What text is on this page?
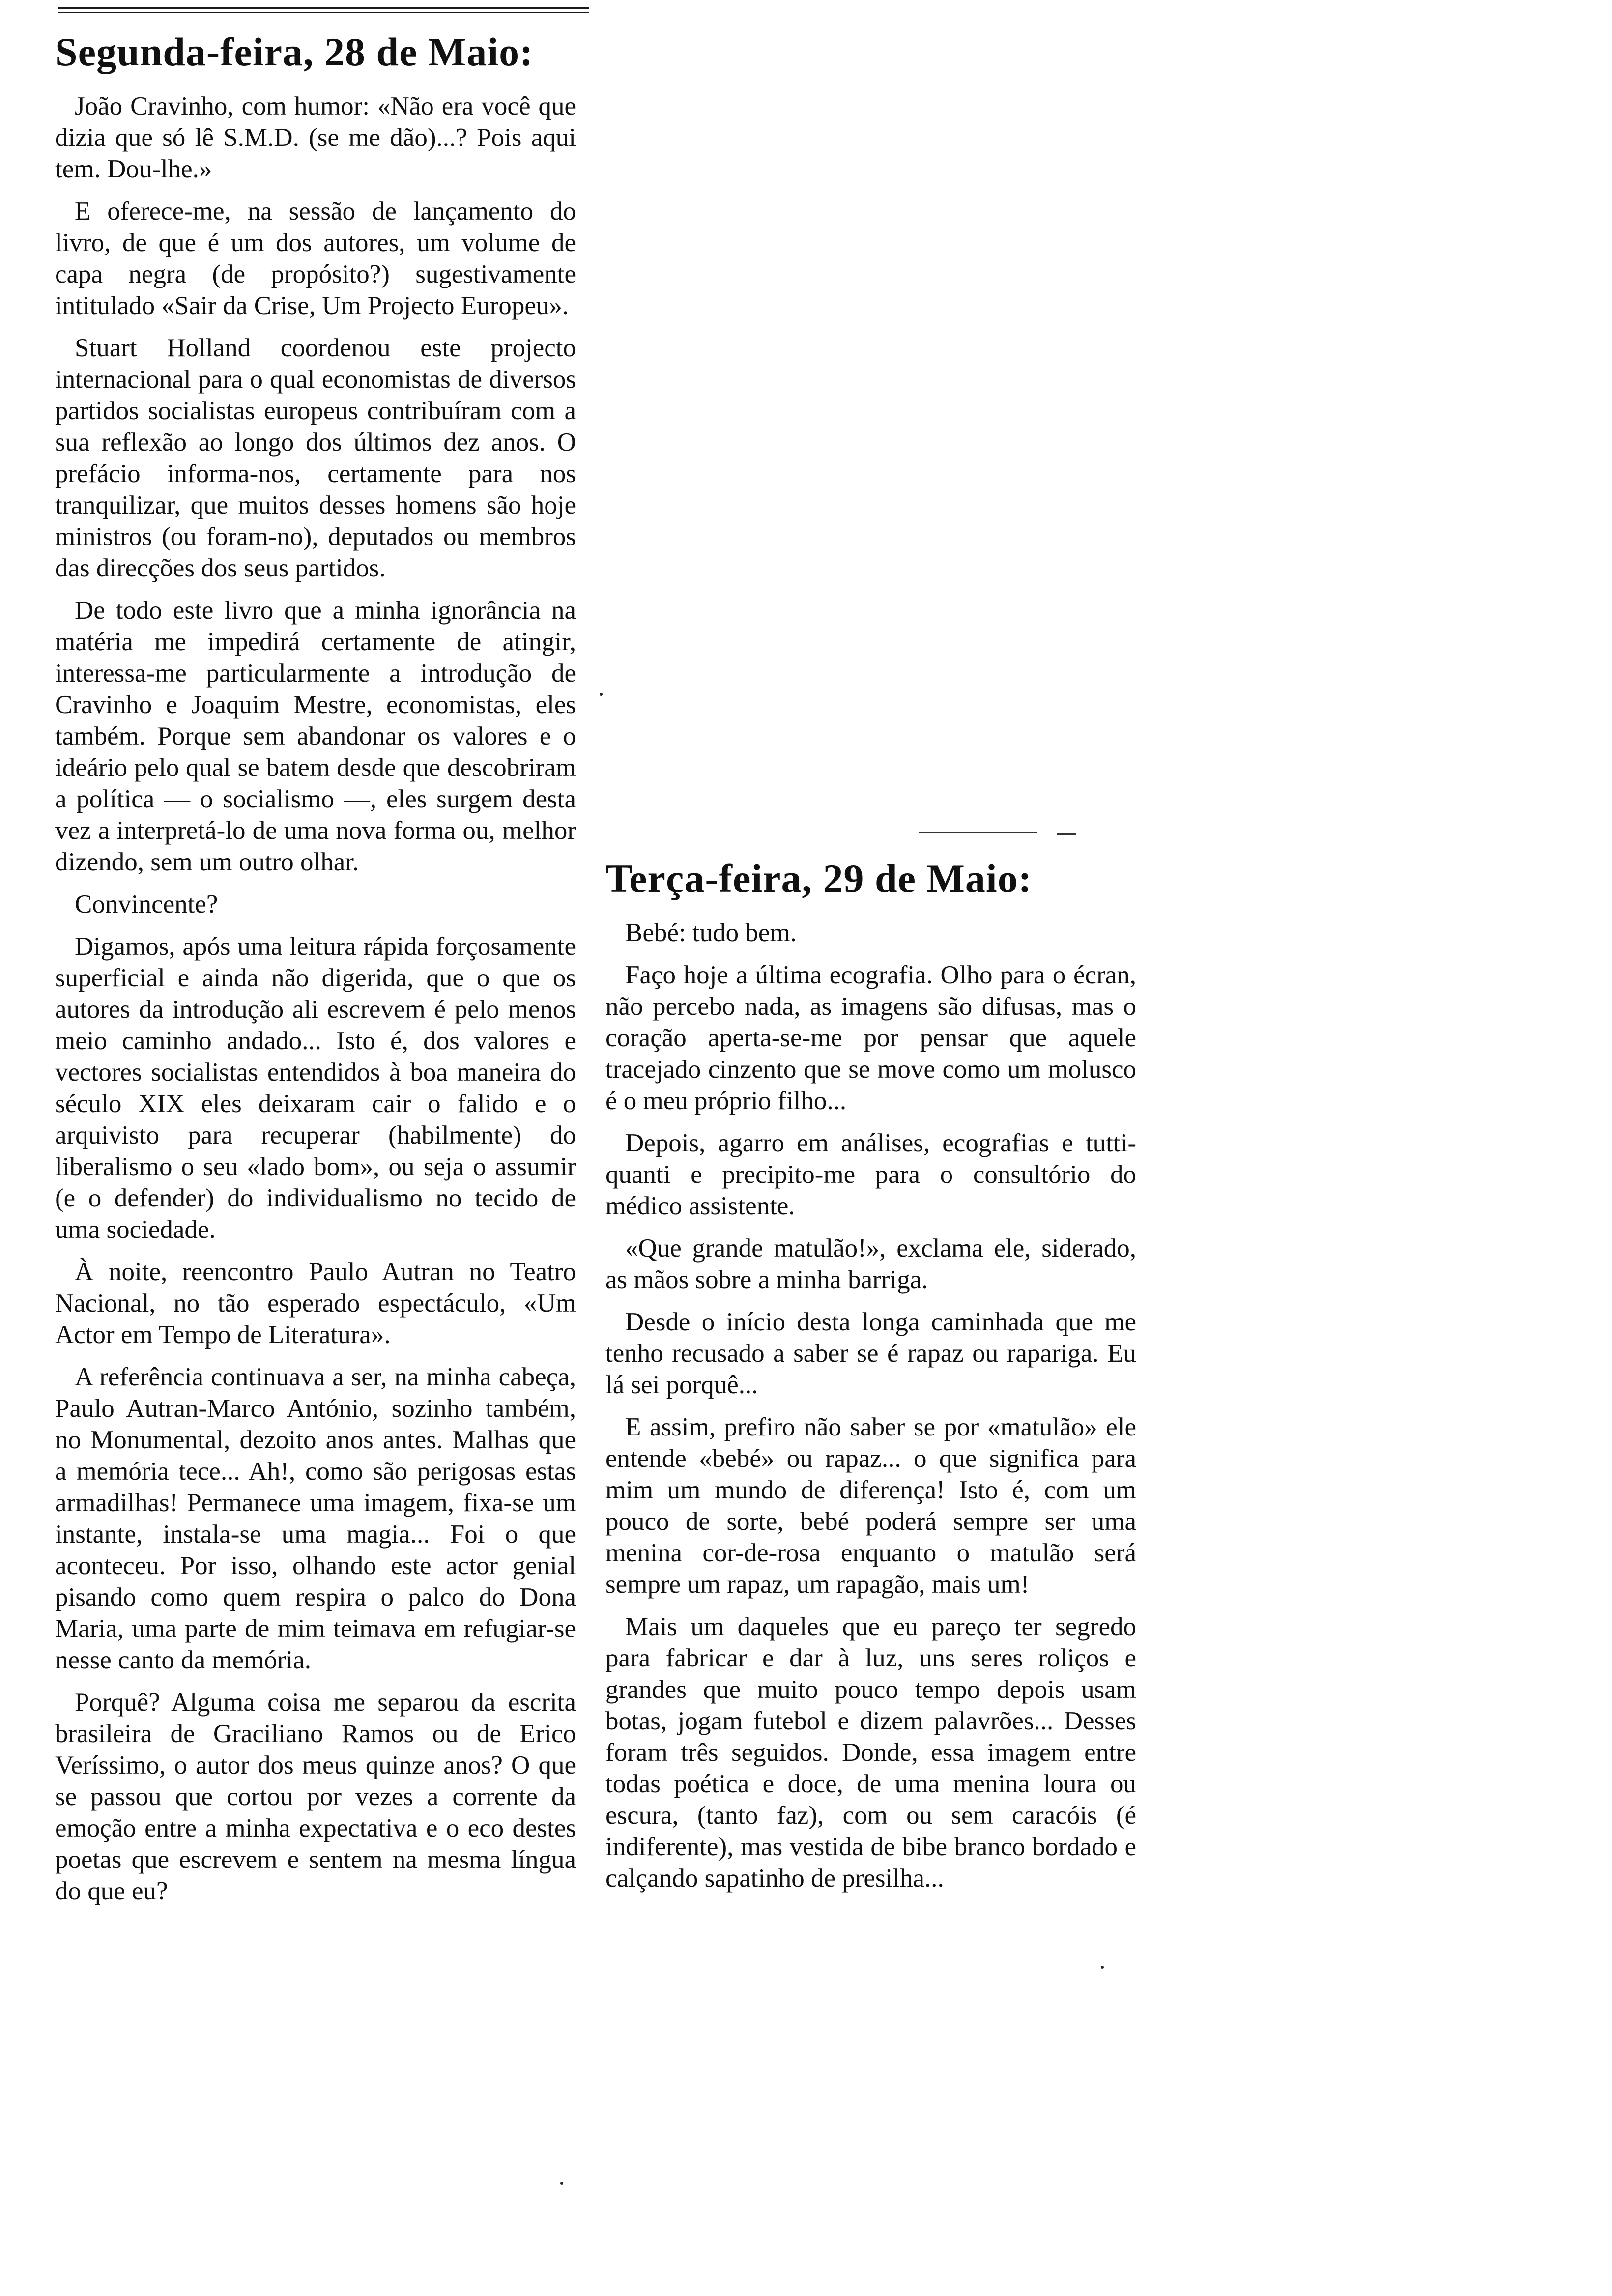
Segunda-feira, 28 de Maio:

João Cravinho, com humor: «Não era você que dizia que só lê S.M.D. (se me dão)...? Pois aqui tem. Dou-lhe.»

E oferece-me, na sessão de lançamento do livro, de que é um dos autores, um volume de capa negra (de propósito?) sugestivamente intitulado «Sair da Crise, Um Projecto Europeu».

Stuart Holland coordenou este projecto internacional para o qual economistas de diversos partidos socialistas europeus contribuíram com a sua reflexão ao longo dos últimos dez anos. O prefácio informa-nos, certamente para nos tranquilizar, que muitos desses homens são hoje ministros (ou foram-no), deputados ou membros das direcções dos seus partidos.

De todo este livro que a minha ignorância na matéria me impedirá certamente de atingir, interessa-me particularmente a introdução de Cravinho e Joaquim Mestre, economistas, eles também. Porque sem abandonar os valores e o ideário pelo qual se batem desde que descobriram a política — o socialismo —, eles surgem desta vez a interpretá-lo de uma nova forma ou, melhor dizendo, sem um outro olhar.

Convincente?

Digamos, após uma leitura rápida forçosamente superficial e ainda não digerida, que o que os autores da introdução ali escrevem é pelo menos meio caminho andado... Isto é, dos valores e vectores socialistas entendidos à boa maneira do século XIX eles deixaram cair o falido e o arquivisto para recuperar (habilmente) do liberalismo o seu «lado bom», ou seja o assumir (e o defender) do individualismo no tecido de uma sociedade.

À noite, reencontro Paulo Autran no Teatro Nacional, no tão esperado espectáculo, «Um Actor em Tempo de Literatura».

A referência continuava a ser, na minha cabeça, Paulo Autran-Marco António, sozinho também, no Monumental, dezoito anos antes. Malhas que a memória tece... Ah!, como são perigosas estas armadilhas! Permanece uma imagem, fixa-se um instante, instala-se uma magia... Foi o que aconteceu. Por isso, olhando este actor genial pisando como quem respira o palco do Dona Maria, uma parte de mim teimava em refugiar-se nesse canto da memória.

Porquê? Alguma coisa me separou da escrita brasileira de Graciliano Ramos ou de Erico Veríssimo, o autor dos meus quinze anos? O que se passou que cortou por vezes a corrente da emoção entre a minha expectativa e o eco destes poetas que escrevem e sentem na mesma língua do que eu?

Terça-feira, 29 de Maio:

Bebé: tudo bem.

Faço hoje a última ecografia. Olho para o écran, não percebo nada, as imagens são difusas, mas o coração aperta-se-me por pensar que aquele tracejado cinzento que se move como um molusco é o meu próprio filho...

Depois, agarro em análises, ecografias e tutti-quanti e precipito-me para o consultório do médico assistente.

«Que grande matulão!», exclama ele, siderado, as mãos sobre a minha barriga.

Desde o início desta longa caminhada que me tenho recusado a saber se é rapaz ou rapariga. Eu lá sei porquê...

E assim, prefiro não saber se por «matulão» ele entende «bebé» ou rapaz... o que significa para mim um mundo de diferença! Isto é, com um pouco de sorte, bebé poderá sempre ser uma menina cor-de-rosa enquanto o matulão será sempre um rapaz, um rapagão, mais um!

Mais um daqueles que eu pareço ter segredo para fabricar e dar à luz, uns seres roliços e grandes que muito pouco tempo depois usam botas, jogam futebol e dizem palavrões... Desses foram três seguidos. Donde, essa imagem entre todas poética e doce, de uma menina loura ou escura, (tanto faz), com ou sem caracóis (é indiferente), mas vestida de bibe branco bordado e calçando sapatinho de presilha...
